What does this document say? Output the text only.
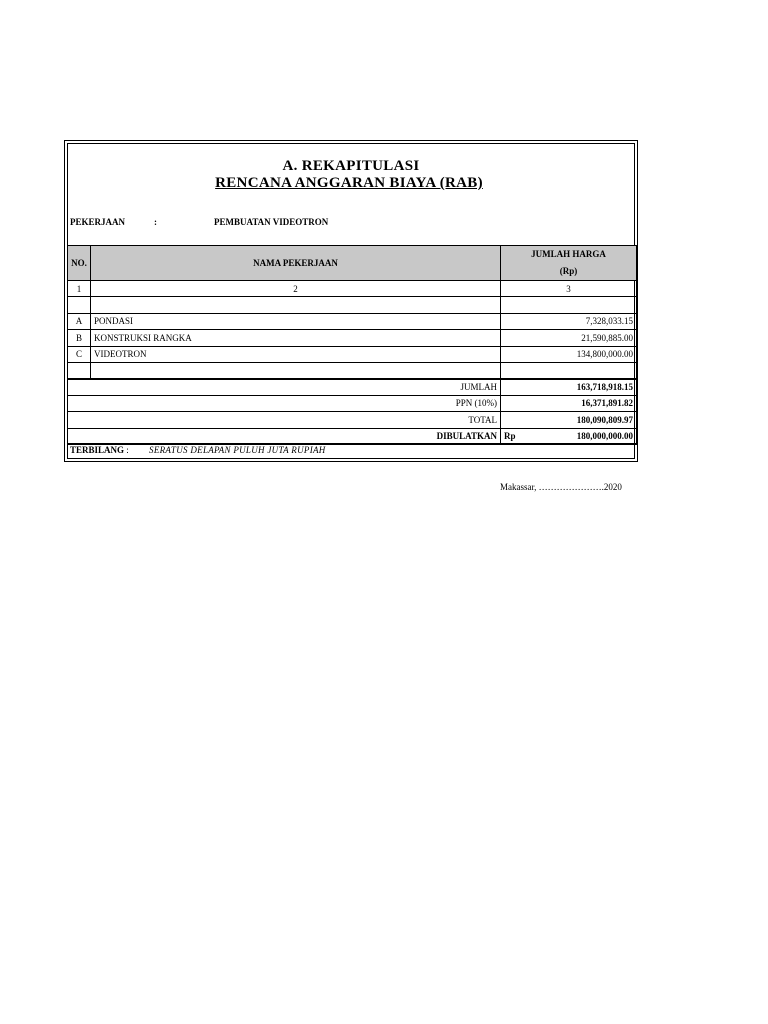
A. REKAPITULASI
RENCANA ANGGARAN BIAYA (RAB)
PEKERJAAN	:	PEMBUATAN VIDEOTRON
NO.	NAMA PEKERJAAN	JUMLAH HARGA
(Rp)

1	2	3

A	PONDASI	7,328,033.15
B	KONSTRUKSI RANGKA	21,590,885.00
C	VIDEOTRON	134,800,000.00

JUMLAH		163,718,918.15
PPN (10%)		16,371,891.82
TOTAL		180,090,809.97
DIBULATKAN		Rp 180,000,000.00
TERBILANG : SERATUS DELAPAN PULUH JUTA RUPIAH
Makassar, ………………….2020
